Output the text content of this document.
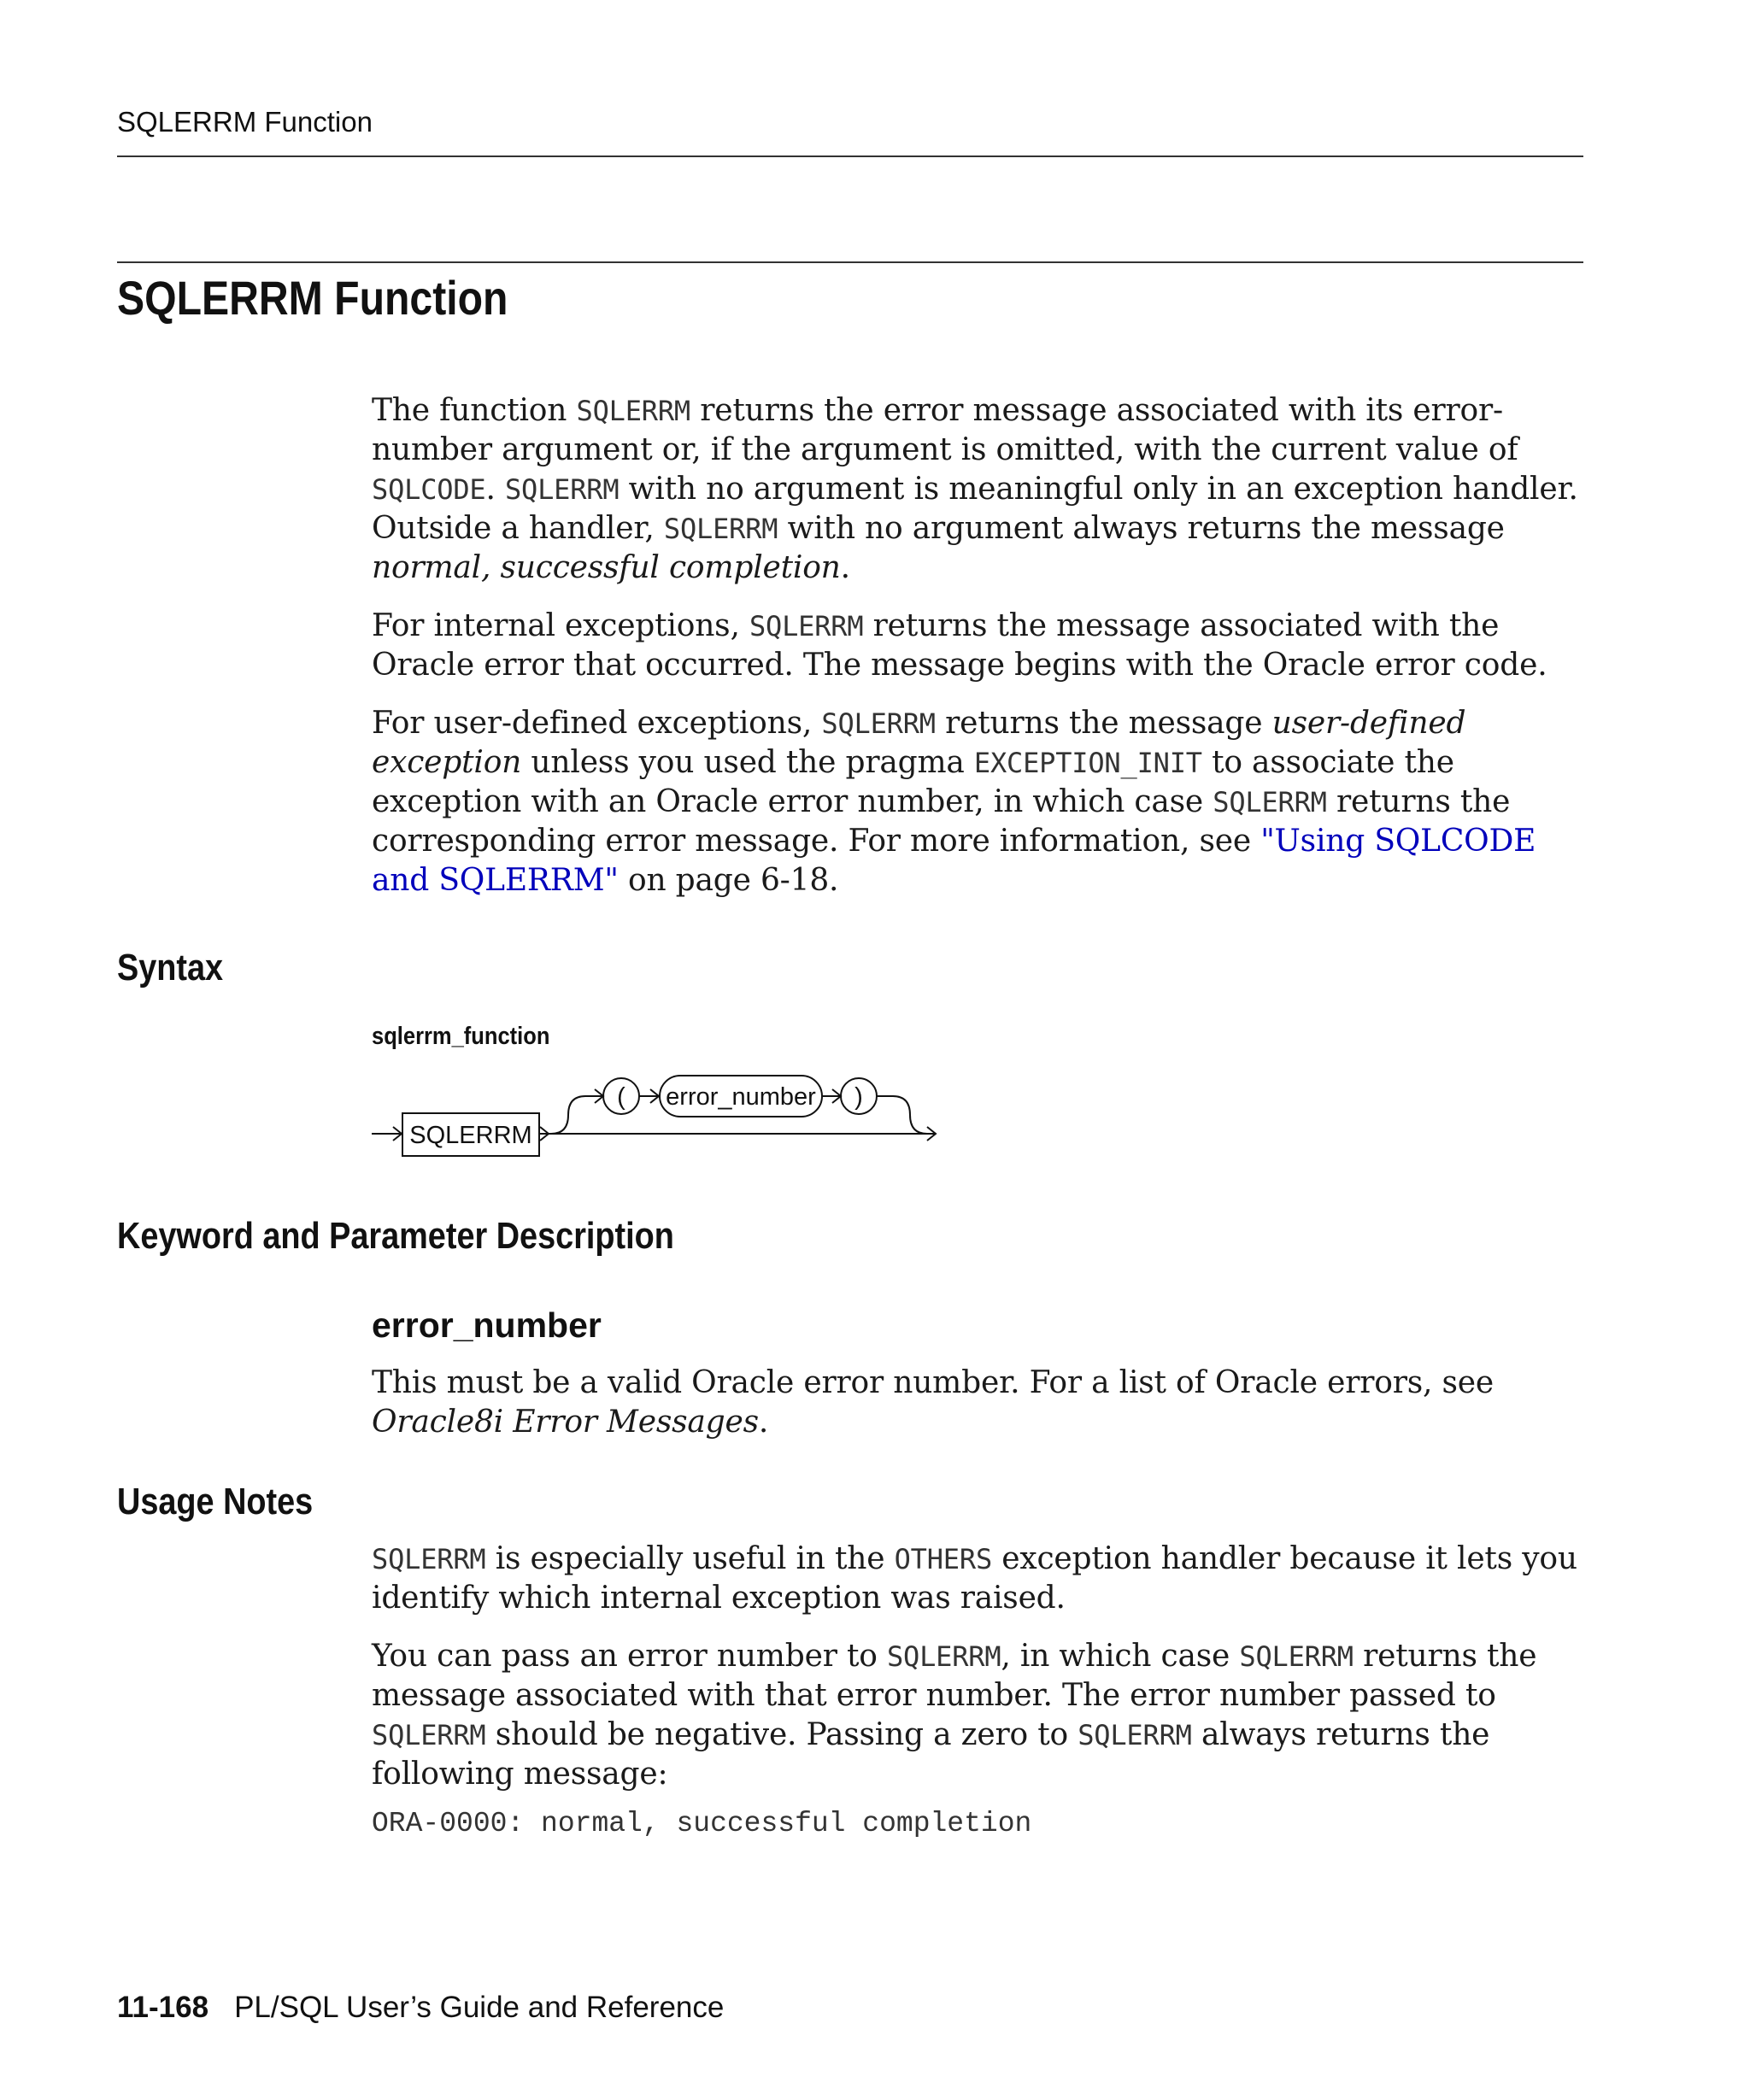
SQLERRM Function
SQLERRM Function

The function SQLERRM returns the error message associated with its error-number argument or, if the argument is omitted, with the current value of SQLCODE. SQLERRM with no argument is meaningful only in an exception handler. Outside a handler, SQLERRM with no argument always returns the message normal, successful completion.

For internal exceptions, SQLERRM returns the message associated with the Oracle error that occurred. The message begins with the Oracle error code.

For user-defined exceptions, SQLERRM returns the message user-defined exception unless you used the pragma EXCEPTION_INIT to associate the exception with an Oracle error number, in which case SQLERRM returns the corresponding error message. For more information, see "Using SQLCODE and SQLERRM" on page 6-18.

Syntax
sqlerrm_function
SQLERRM
( error_number )
Keyword and Parameter Description
error_number

This must be a valid Oracle error number. For a list of Oracle errors, see Oracle8i Error Messages.

Usage Notes

SQLERRM is especially useful in the OTHERS exception handler because it lets you identify which internal exception was raised.

You can pass an error number to SQLERRM, in which case SQLERRM returns the message associated with that error number. The error number passed to SQLERRM should be negative. Passing a zero to SQLERRM always returns the following message:

ORA-0000: normal, successful completion
11-168 PL/SQL User’s Guide and Reference
